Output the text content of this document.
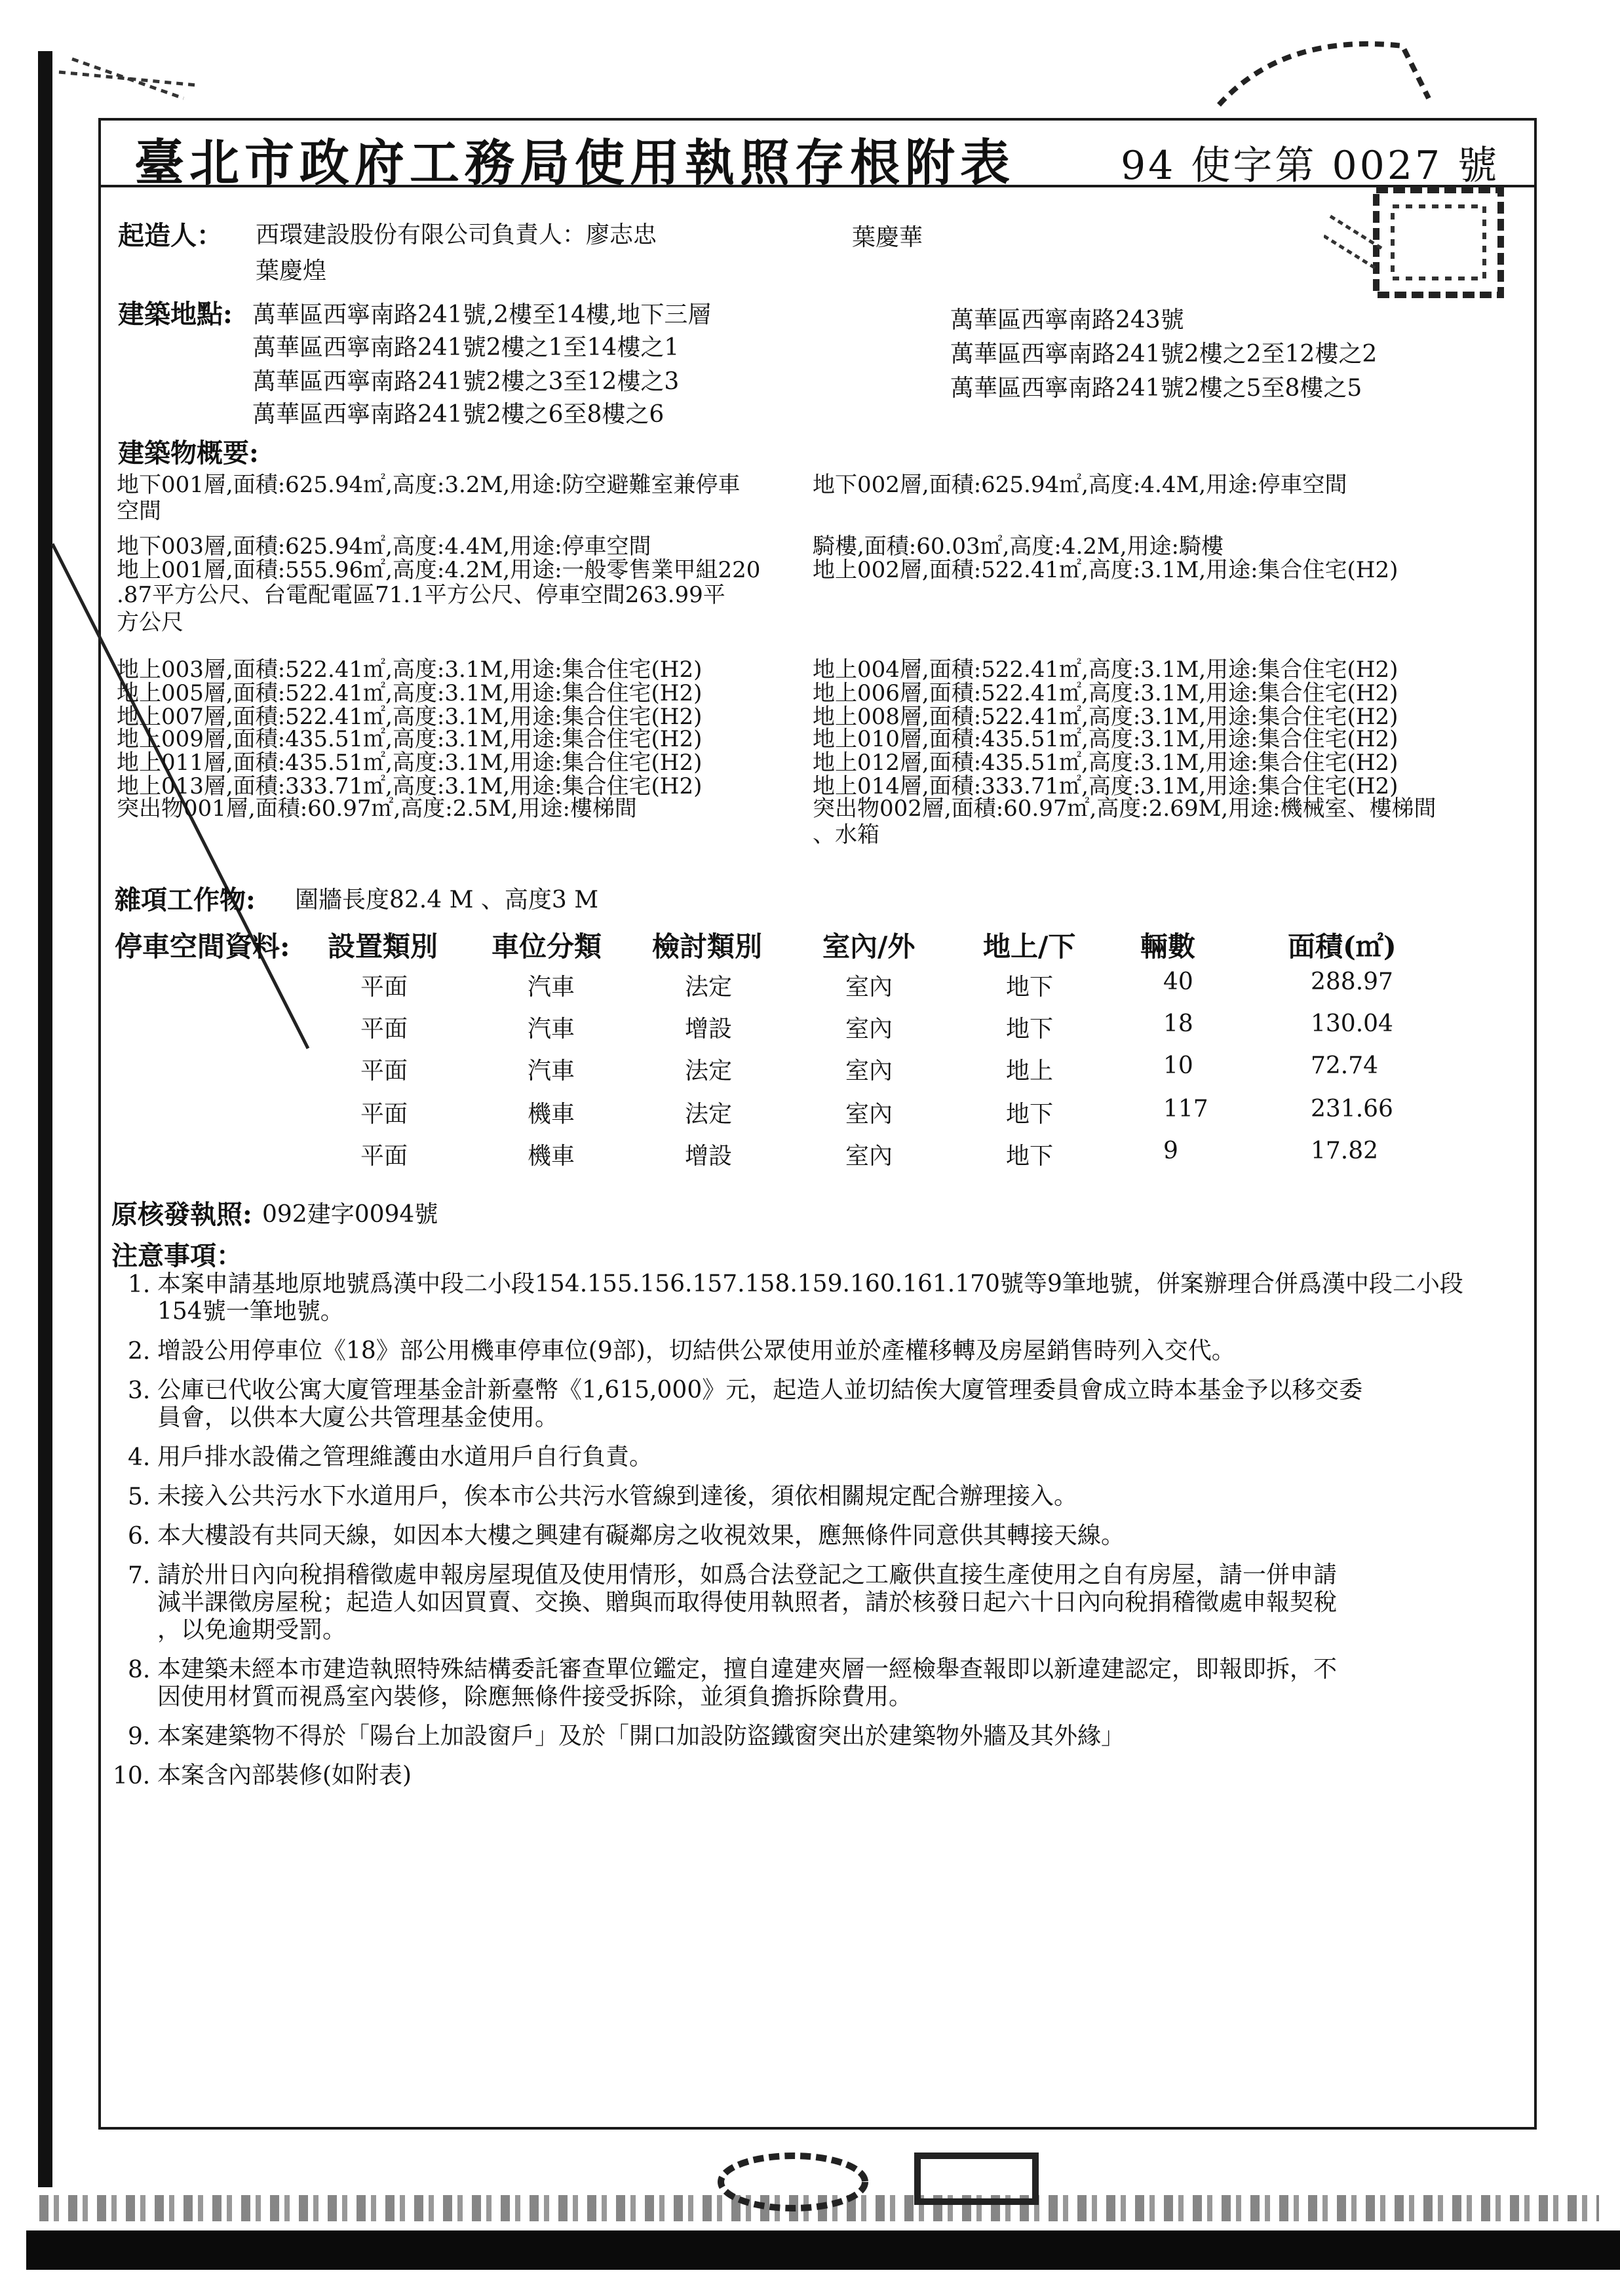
臺北市政府工務局使用執照存根附表	94 使字第 0027 號
起造人： 西環建設股份有限公司負責人：廖志忠	葉慶華
葉慶煌
建築地點: 萬華區西寧南路241號,2樓至14樓,地下三層
萬華區西寧南路241號2樓之1至14樓之1
萬華區西寧南路241號2樓之3至12樓之3
萬華區西寧南路241號2樓之6至8樓之6
萬華區西寧南路243號
萬華區西寧南路241號2樓之2至12樓之2
萬華區西寧南路241號2樓之5至8樓之5
建築物概要:
地下001層,面積:625.94㎡,高度:3.2M,用途:防空避難室兼停車	地下002層,面積:625.94㎡,高度:4.4M,用途:停車空間
空間
地下003層,面積:625.94㎡,高度:4.4M,用途:停車空間	騎樓,面積:60.03㎡,高度:4.2M,用途:騎樓
地上001層,面積:555.96㎡,高度:4.2M,用途:一般零售業甲組220 地上002層,面積:522.41㎡,高度:3.1M,用途:集合住宅(H2)
.87平方公尺、台電配電區71.1平方公尺、停車空間263.99平
方公尺
地上003層,面積:522.41㎡,高度:3.1M,用途:集合住宅(H2)	地上004層,面積:522.41㎡,高度:3.1M,用途:集合住宅(H2)
地上005層,面積:522.41㎡,高度:3.1M,用途:集合住宅(H2)	地上006層,面積:522.41㎡,高度:3.1M,用途:集合住宅(H2)
地上007層,面積:522.41㎡,高度:3.1M,用途:集合住宅(H2)	地上008層,面積:522.41㎡,高度:3.1M,用途:集合住宅(H2)
地上009層,面積:435.51㎡,高度:3.1M,用途:集合住宅(H2)	地上010層,面積:435.51㎡,高度:3.1M,用途:集合住宅(H2)
地上011層,面積:435.51㎡,高度:3.1M,用途:集合住宅(H2)	地上012層,面積:435.51㎡,高度:3.1M,用途:集合住宅(H2)
地上013層,面積:333.71㎡,高度:3.1M,用途:集合住宅(H2)	地上014層,面積:333.71㎡,高度:3.1M,用途:集合住宅(H2)
突出物001層,面積:60.97㎡,高度:2.5M,用途:樓梯間	突出物002層,面積:60.97㎡,高度:2.69M,用途:機械室、樓梯間
、水箱
雜項工作物: 圍牆長度82.4 M 、高度3 M
停車空間資料: 設置類別 車位分類 檢討類別 室內/外 地上/下 輛數	面積(㎡)
平面	汽車	法定	室內	地下	40	288.97
平面	汽車	增設	室內	地下	18	130.04
平面	汽車	法定	室內	地上	10	72.74
平面	機車	法定	室內	地下	117	231.66
平面	機車	增設	室內	地下	9	17.82
原核發執照: 092建字0094號
注意事項：
1. 本案申請基地原地號爲漢中段二小段154.155.156.157.158.159.160.161.170號等9筆地號，併案辦理合併爲漢中段二小段
154號一筆地號。
2. 增設公用停車位《18》部公用機車停車位(9部)，切結供公眾使用並於產權移轉及房屋銷售時列入交代。
3. 公庫已代收公寓大廈管理基金計新臺幣《1,615,000》元，起造人並切結俟大廈管理委員會成立時本基金予以移交委
員會，以供本大廈公共管理基金使用。
4. 用戶排水設備之管理維護由水道用戶自行負責。
5. 未接入公共污水下水道用戶，俟本市公共污水管線到達後，須依相關規定配合辦理接入。
6. 本大樓設有共同天線，如因本大樓之興建有礙鄰房之收視效果，應無條件同意供其轉接天線。
7. 請於卅日內向稅捐稽徵處申報房屋現值及使用情形，如爲合法登記之工廠供直接生產使用之自有房屋，請一併申請
減半課徵房屋稅；起造人如因買賣、交換、贈與而取得使用執照者，請於核發日起六十日內向稅捐稽徵處申報契稅
，以免逾期受罰。
8. 本建築未經本市建造執照特殊結構委託審查單位鑑定，擅自違建夾層一經檢舉查報即以新違建認定，即報即拆，不
因使用材質而視爲室內裝修，除應無條件接受拆除，並須負擔拆除費用。
9. 本案建築物不得於「陽台上加設窗戶」及於「開口加設防盜鐵窗突出於建築物外牆及其外緣」
10. 本案含內部裝修(如附表)
